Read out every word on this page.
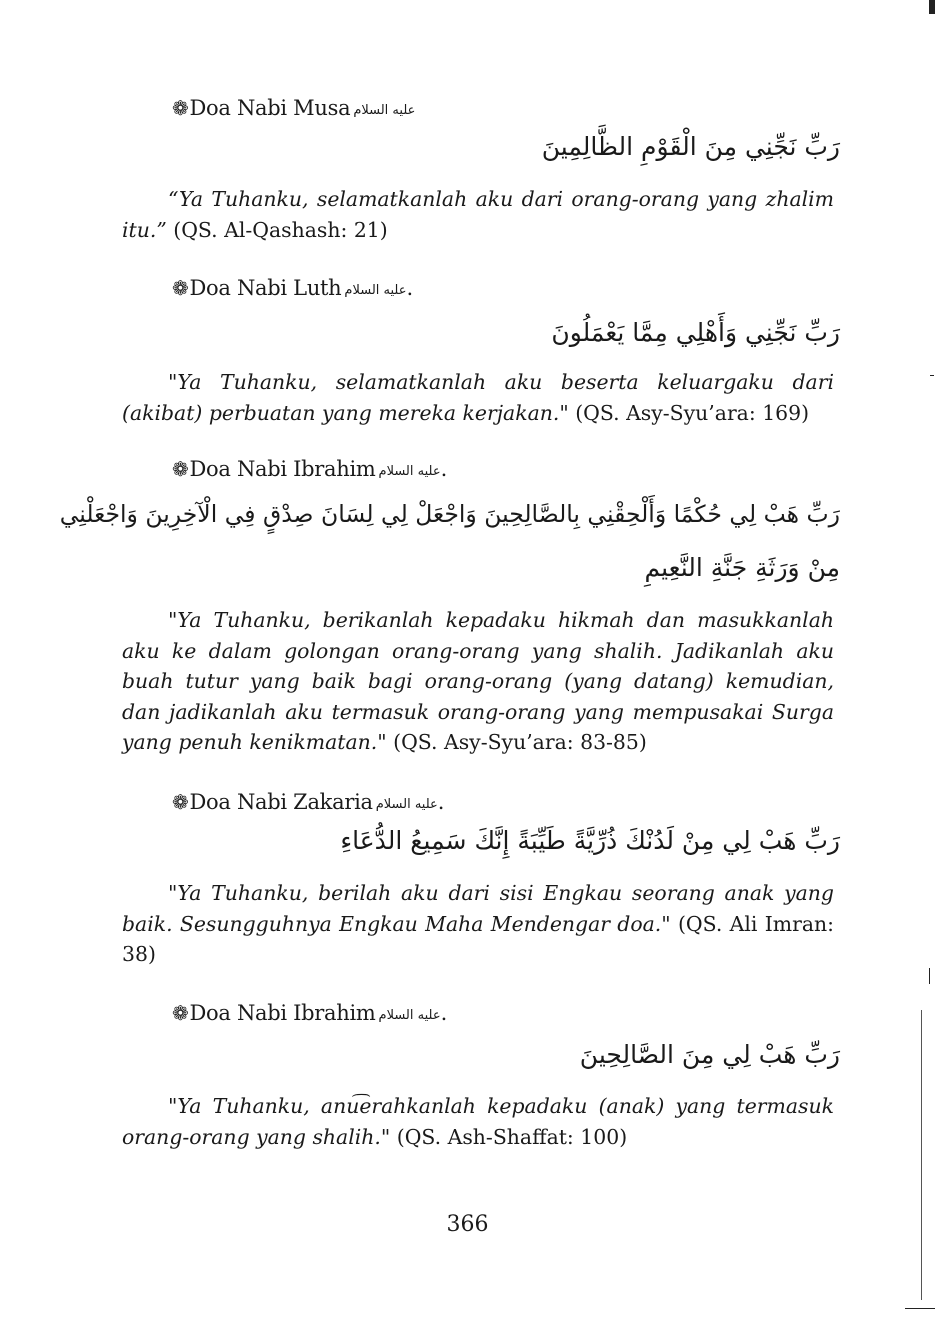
❁Doa Nabi Musa عليه السلام
رَبِّ نَجِّنِي مِنَ الْقَوْمِ الظَّالِمِينَ
“Ya Tuhanku, selamatkanlah aku dari orang-orang yang zhalim itu.” (QS. Al-Qashash: 21)
❁Doa Nabi Luth عليه السلام.
رَبِّ نَجِّنِي وَأَهْلِي مِمَّا يَعْمَلُونَ
"Ya Tuhanku, selamatkanlah aku beserta keluargaku dari (akibat) perbuatan yang mereka kerjakan." (QS. Asy-Syu’ara: 169)
❁Doa Nabi Ibrahim عليه السلام.
رَبِّ هَبْ لِي حُكْمًا وَأَلْحِقْنِي بِالصَّالِحِينَ وَاجْعَلْ لِي لِسَانَ صِدْقٍ فِي الْآخِرِينَ وَاجْعَلْنِي
مِنْ وَرَثَةِ جَنَّةِ النَّعِيمِ
"Ya Tuhanku, berikanlah kepadaku hikmah dan masukkanlah aku ke dalam golongan orang-orang yang shalih. Jadikanlah aku buah tutur yang baik bagi orang-orang (yang datang) kemudian, dan jadikanlah aku termasuk orang-orang yang mempusakai Surga yang penuh kenikmatan." (QS. Asy-Syu’ara: 83-85)
❁Doa Nabi Zakaria عليه السلام.
رَبِّ هَبْ لِي مِنْ لَدُنْكَ ذُرِّيَّةً طَيِّبَةً إِنَّكَ سَمِيعُ الدُّعَاءِ
"Ya Tuhanku, berilah aku dari sisi Engkau seorang anak yang baik. Sesungguhnya Engkau Maha Mendengar doa." (QS. Ali Imran: 38)
❁Doa Nabi Ibrahim عليه السلام.
رَبِّ هَبْ لِي مِنَ الصَّالِحِينَ
"Ya Tuhanku, anu͡erahkanlah kepadaku (anak) yang termasuk orang-orang yang shalih." (QS. Ash-Shaffat: 100)
366
